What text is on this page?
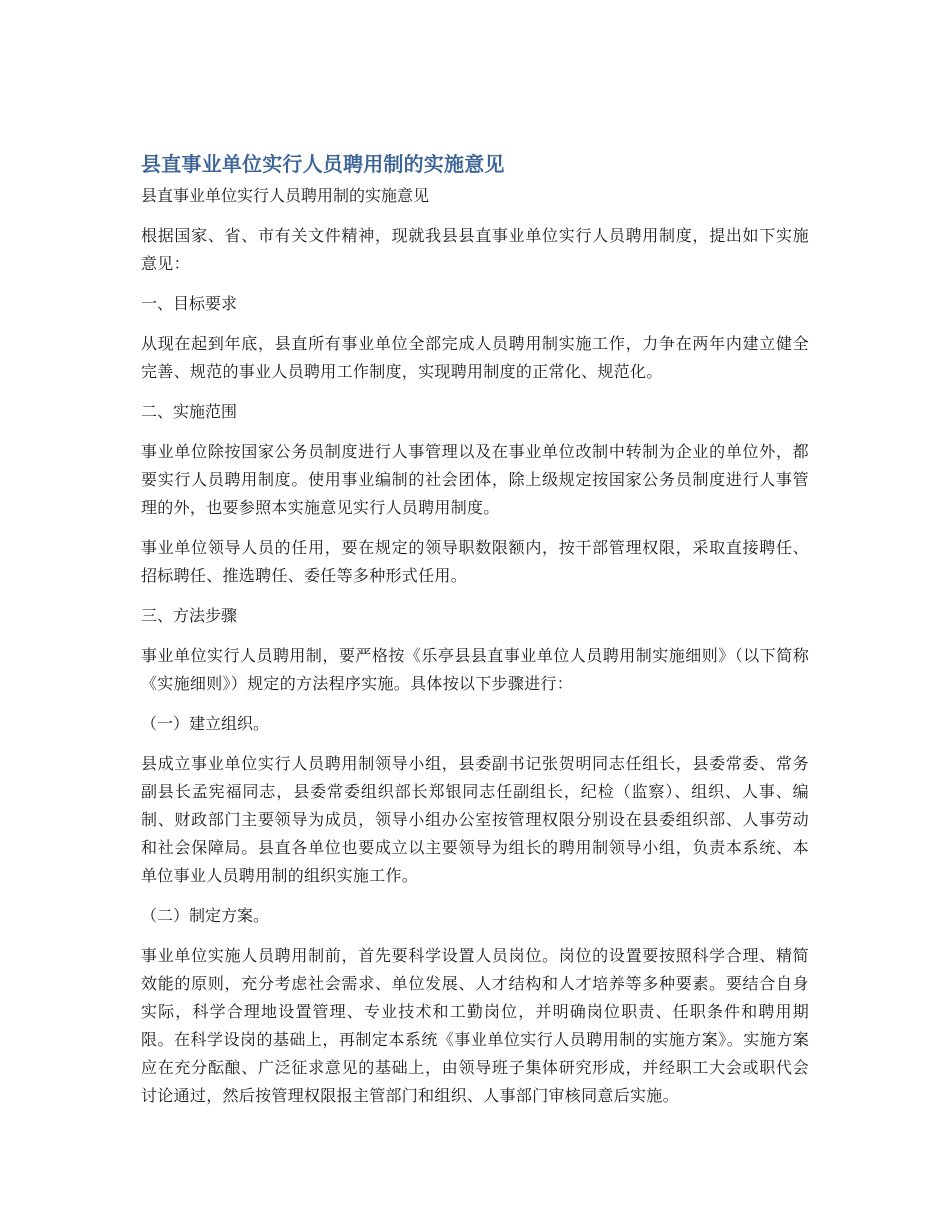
县直事业单位实行人员聘用制的实施意见
县直事业单位实行人员聘用制的实施意见

根据国家、省、市有关文件精神，现就我县县直事业单位实行人员聘用制度，提出如下实施意见：

一、目标要求

从现在起到年底，县直所有事业单位全部完成人员聘用制实施工作，力争在两年内建立健全完善、规范的事业人员聘用工作制度，实现聘用制度的正常化、规范化。

二、实施范围

事业单位除按国家公务员制度进行人事管理以及在事业单位改制中转制为企业的单位外，都要实行人员聘用制度。使用事业编制的社会团体，除上级规定按国家公务员制度进行人事管理的外，也要参照本实施意见实行人员聘用制度。

事业单位领导人员的任用，要在规定的领导职数限额内，按干部管理权限，采取直接聘任、招标聘任、推选聘任、委任等多种形式任用。

三、方法步骤

事业单位实行人员聘用制，要严格按《乐亭县县直事业单位人员聘用制实施细则》（以下简称《实施细则》）规定的方法程序实施。具体按以下步骤进行：

（一）建立组织。

县成立事业单位实行人员聘用制领导小组，县委副书记张贺明同志任组长，县委常委、常务副县长孟宪福同志，县委常委组织部长郑银同志任副组长，纪检（监察）、组织、人事、编制、财政部门主要领导为成员，领导小组办公室按管理权限分别设在县委组织部、人事劳动和社会保障局。县直各单位也要成立以主要领导为组长的聘用制领导小组，负责本系统、本单位事业人员聘用制的组织实施工作。

（二）制定方案。

事业单位实施人员聘用制前，首先要科学设置人员岗位。岗位的设置要按照科学合理、精简效能的原则，充分考虑社会需求、单位发展、人才结构和人才培养等多种要素。要结合自身实际，科学合理地设置管理、专业技术和工勤岗位，并明确岗位职责、任职条件和聘用期限。在科学设岗的基础上，再制定本系统《事业单位实行人员聘用制的实施方案》。实施方案应在充分酝酿、广泛征求意见的基础上，由领导班子集体研究形成，并经职工大会或职代会讨论通过，然后按管理权限报主管部门和组织、人事部门审核同意后实施。
